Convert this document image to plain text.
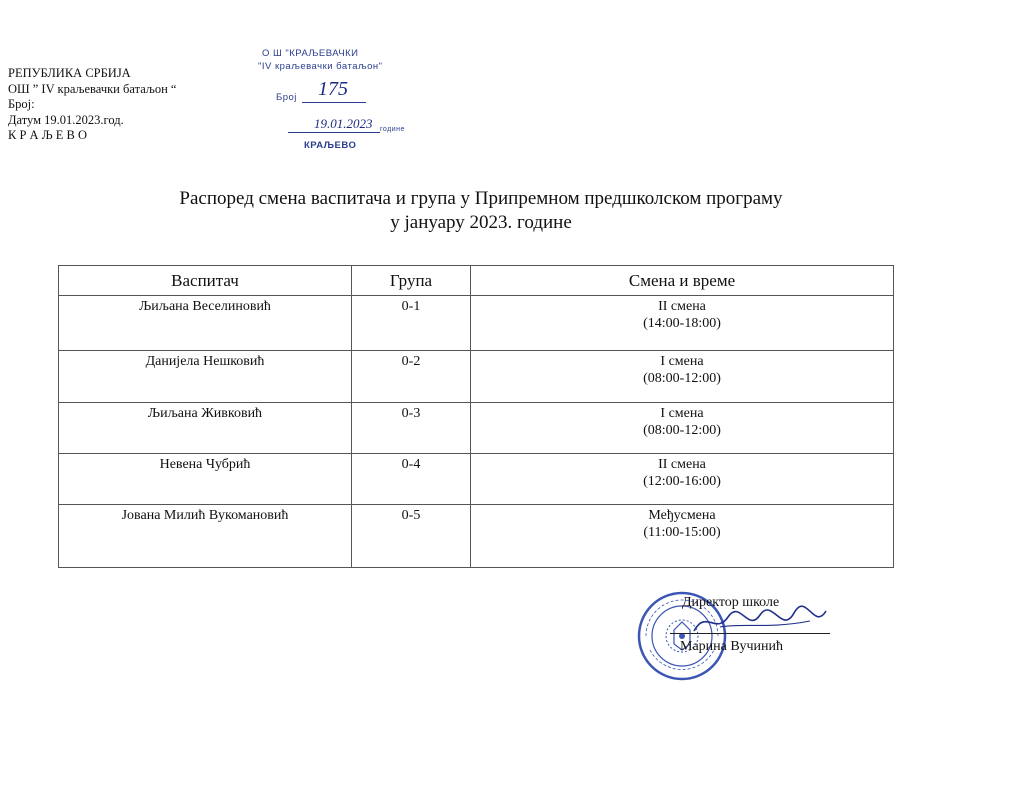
РЕПУБЛИКА СРБИЈА
ОШ ” IV краљевачки батаљон “
Број:
Датум 19.01.2023.год.
К Р А Љ Е В О
О Ш "КРАЉЕВАЧКИ
"IV краљевачки батаљон"
Број 175
19.01.2023 године
КРАЉЕВО
Распоред смена васпитача и група у Припремном предшколском програму
у јануару 2023. године
Васпитач	Група	Смена и време
Љиљана Веселиновић	0-1	II смена
(14:00-18:00)

Данијела Нешковић	0-2	I смена
(08:00-12:00)

Љиљана Живковић	0-3	I смена
(08:00-12:00)

Невена Чубрић	0-4	II смена
(12:00-16:00)

Јована Милић Вукомановић	0-5	Међусмена
(11:00-15:00)
Директор школе
Марина Вучинић
